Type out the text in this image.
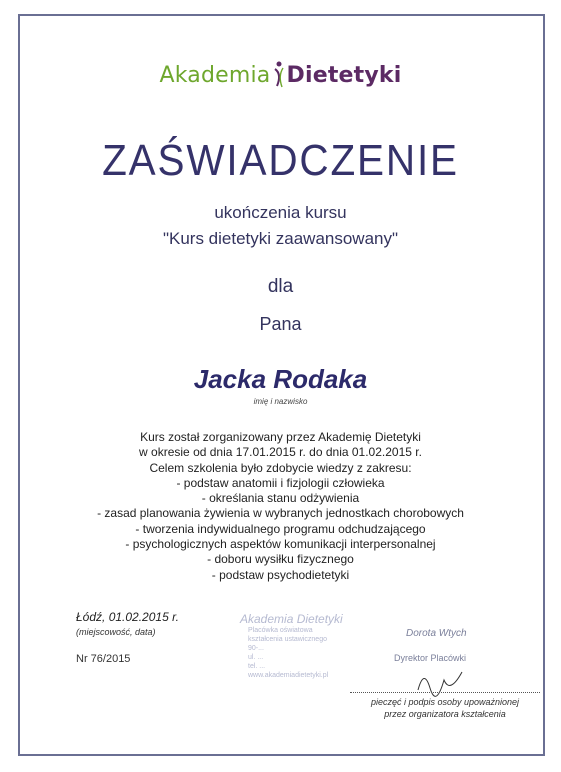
Akademia Dietetyki
ZAŚWIADCZENIE
ukończenia kursu
"Kurs dietetyki zaawansowany"
dla
Pana
Jacka Rodaka
imię i nazwisko
Kurs został zorganizowany przez Akademię Dietetyki
w okresie od dnia 17.01.2015 r. do dnia 01.02.2015 r.
Celem szkolenia było zdobycie wiedzy z zakresu:
- podstaw anatomii i fizjologii człowieka
- określania stanu odżywienia
- zasad planowania żywienia w wybranych jednostkach chorobowych
- tworzenia indywidualnego programu odchudzającego
- psychologicznych aspektów komunikacji interpersonalnej
- doboru wysiłku fizycznego
- podstaw psychodietetyki
Łódź, 01.02.2015 r.
(miejscowość, data)
Nr 76/2015
Akademia Dietetyki
Placówka oświatowa
kształcenia ustawicznego
90-...
ul. ...
tel. ...
www.akademiadietetyki.pl
Dorota Wtych
Dyrektor Placówki
pieczęć i podpis osoby upoważnionej
przez organizatora kształcenia
